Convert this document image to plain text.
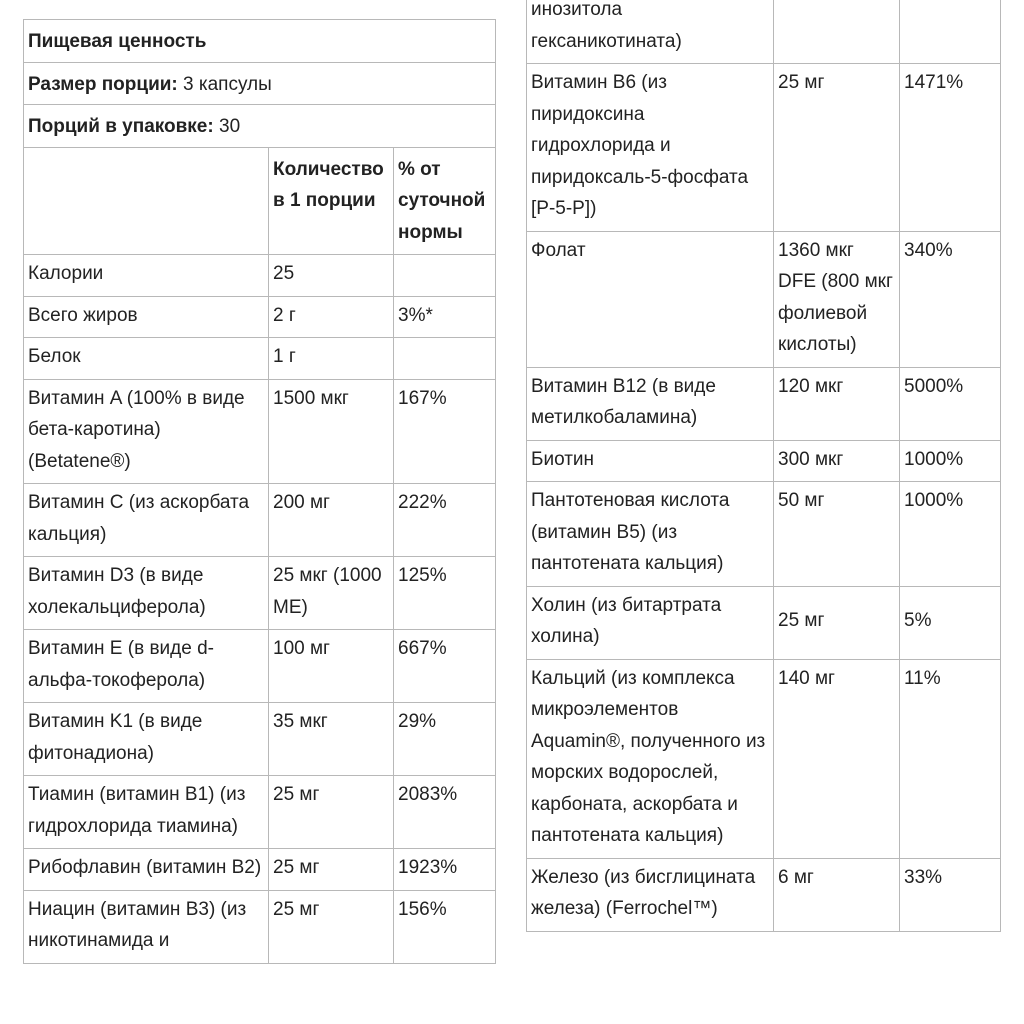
Пищевая ценность		
Размер порции: 3 капсулы		
Порций в упаковке: 30		
	Количество в 1 порции	% от суточной нормы
Калории	25	
Всего жиров	2 г	3%*
Белок	1 г	
Витамин A (100% в виде бета-каротина) (Betatene®)	1500 мкг	167%
Витамин C (из аскорбата кальция)	200 мг	222%
Витамин D3 (в виде холекальциферола)	25 мкг (1000 МЕ)	125%
Витамин E (в виде d-альфа-токоферола)	100 мг	667%
Витамин K1 (в виде фитонадиона)	35 мкг	29%
Тиамин (витамин B1) (из гидрохлорида тиамина)	25 мг	2083%
Рибофлавин (витамин B2)	25 мг	1923%
Ниацин (витамин B3) (из никотинамида и	25 мг	156%
инозитола гексаникотината)		
Витамин B6 (из пиридоксина гидрохлорида и пиридоксаль-5-фосфата [P-5-P])	25 мг	1471%
Фолат	1360 мкг DFE (800 мкг фолиевой кислоты)	340%
Витамин B12 (в виде метилкобаламина)	120 мкг	5000%
Биотин	300 мкг	1000%
Пантотеновая кислота (витамин B5) (из пантотената кальция)	50 мг	1000%
Холин (из битартрата холина)	25 мг	5%
Кальций (из комплекса микроэлементов Aquamin®, полученного из морских водорослей, карбоната, аскорбата и пантотената кальция)	140 мг	11%
Железо (из бисглицината железа) (Ferrochel™)	6 мг	33%
